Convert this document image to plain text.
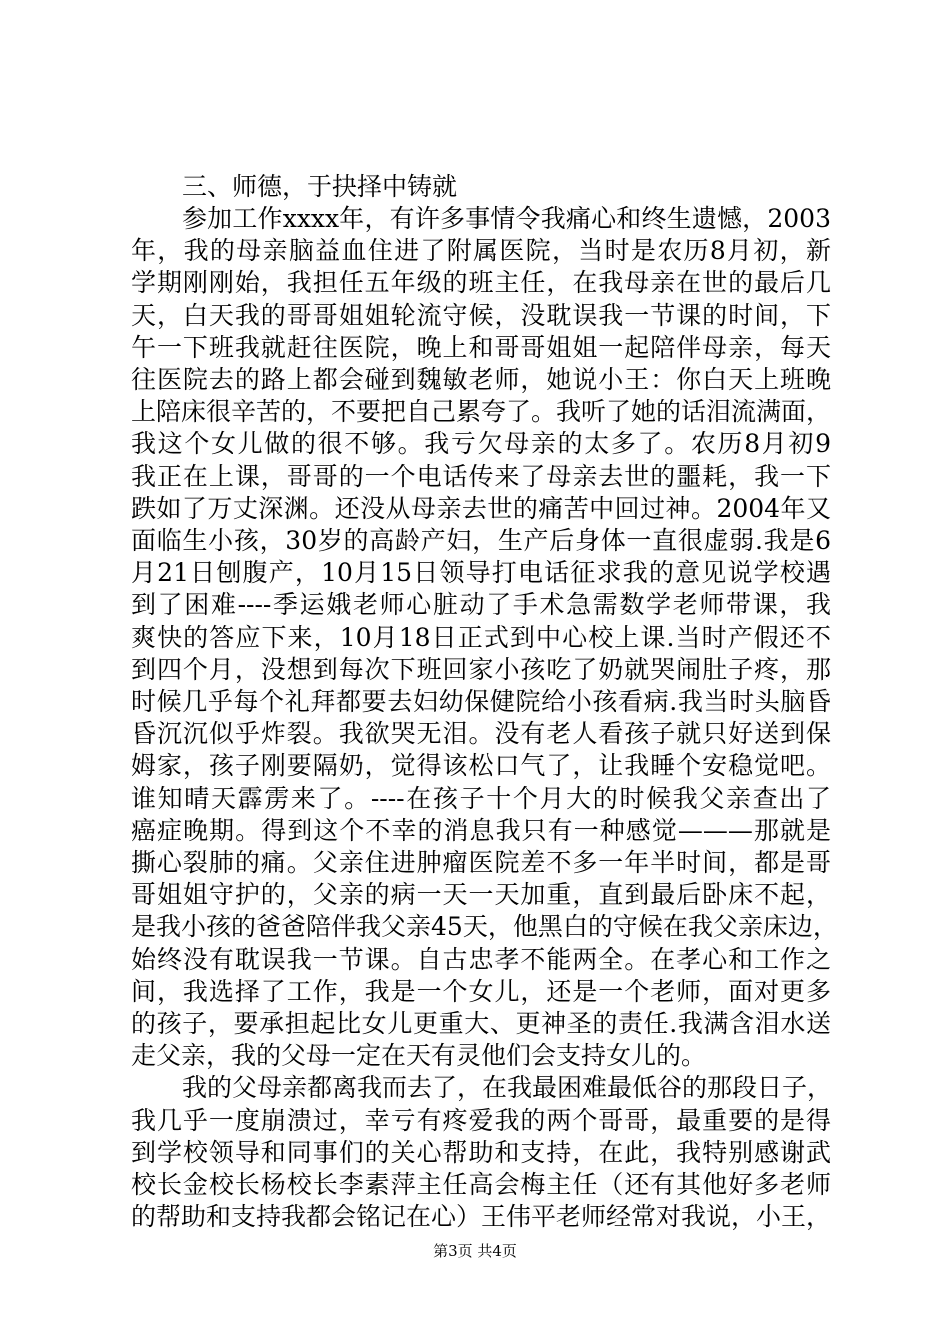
三、师德，于抉择中铸就
参加工作xxxx年，有许多事情令我痛心和终生遗憾，2003
年，我的母亲脑益血住进了附属医院，当时是农历8月初，新
学期刚刚始，我担任五年级的班主任，在我母亲在世的最后几
天，白天我的哥哥姐姐轮流守候，没耽误我一节课的时间，下
午一下班我就赶往医院，晚上和哥哥姐姐一起陪伴母亲，每天
往医院去的路上都会碰到魏敏老师，她说小王：你白天上班晚
上陪床很辛苦的，不要把自己累夸了。我听了她的话泪流满面，
我这个女儿做的很不够。我亏欠母亲的太多了。农历8月初9
我正在上课，哥哥的一个电话传来了母亲去世的噩耗，我一下
跌如了万丈深渊。还没从母亲去世的痛苦中回过神。2004年又
面临生小孩，30岁的高龄产妇，生产后身体一直很虚弱.我是6
月21日刨腹产，10月15日领导打电话征求我的意见说学校遇
到了困难----季运娥老师心脏动了手术急需数学老师带课，我
爽快的答应下来，10月18日正式到中心校上课.当时产假还不
到四个月，没想到每次下班回家小孩吃了奶就哭闹肚子疼，那
时候几乎每个礼拜都要去妇幼保健院给小孩看病.我当时头脑昏
昏沉沉似乎炸裂。我欲哭无泪。没有老人看孩子就只好送到保
姆家，孩子刚要隔奶，觉得该松口气了，让我睡个安稳觉吧。
谁知晴天霹雳来了。----在孩子十个月大的时候我父亲查出了
癌症晚期。得到这个不幸的消息我只有一种感觉———那就是
撕心裂肺的痛。父亲住进肿瘤医院差不多一年半时间，都是哥
哥姐姐守护的，父亲的病一天一天加重，直到最后卧床不起，
是我小孩的爸爸陪伴我父亲45天，他黑白的守候在我父亲床边，
始终没有耽误我一节课。自古忠孝不能两全。在孝心和工作之
间，我选择了工作，我是一个女儿，还是一个老师，面对更多
的孩子，要承担起比女儿更重大、更神圣的责任.我满含泪水送
走父亲，我的父母一定在天有灵他们会支持女儿的。
我的父母亲都离我而去了，在我最困难最低谷的那段日子，
我几乎一度崩溃过，幸亏有疼爱我的两个哥哥，最重要的是得
到学校领导和同事们的关心帮助和支持，在此，我特别感谢武
校长金校长杨校长李素萍主任高会梅主任（还有其他好多老师
的帮助和支持我都会铭记在心）王伟平老师经常对我说，小王，
第3页 共4页
